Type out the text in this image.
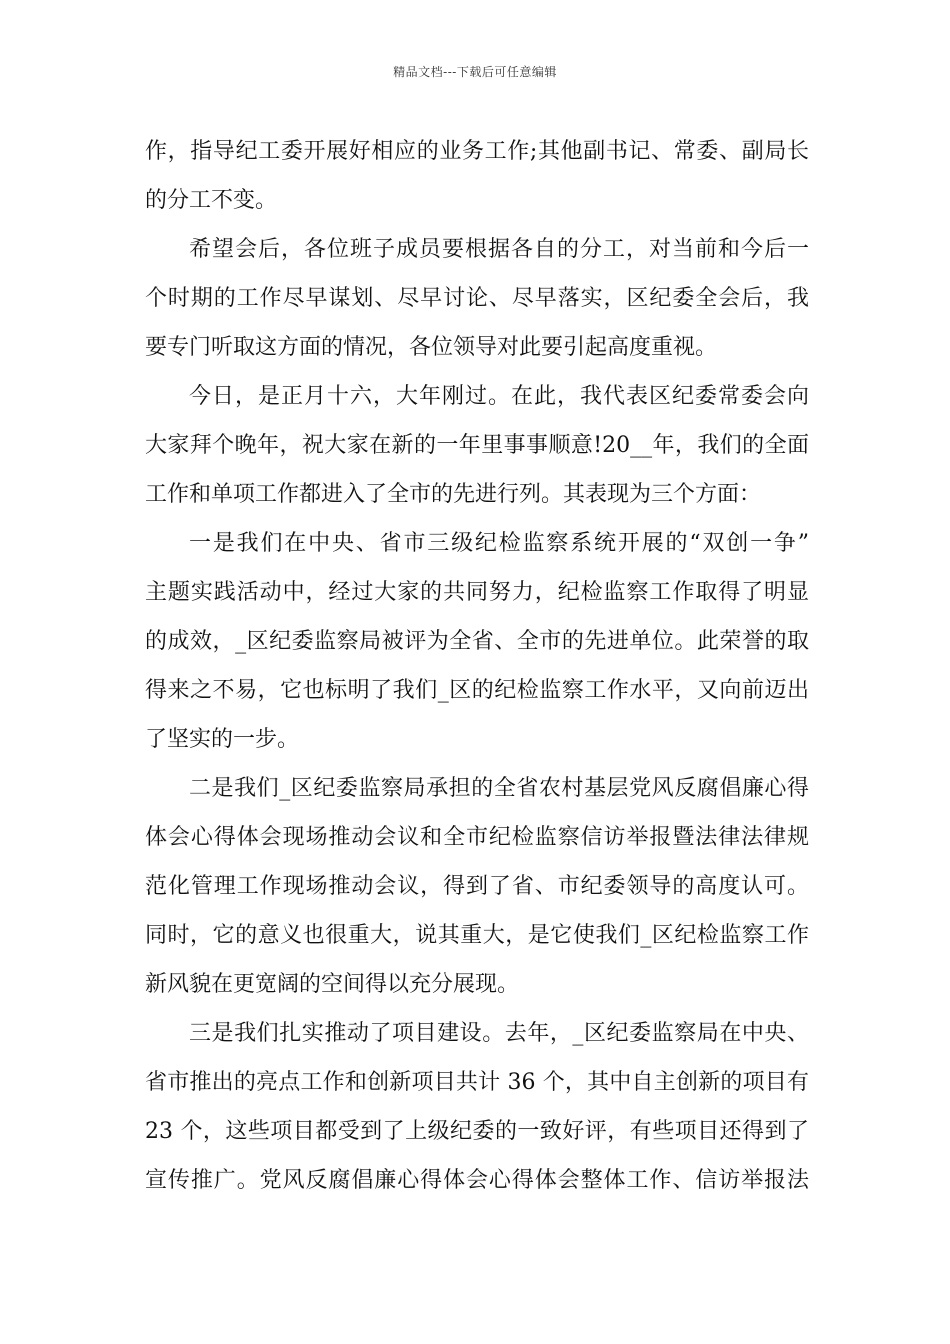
精品文档---下载后可任意编辑
作，指导纪工委开展好相应的业务工作;其他副书记、常委、副局长
的分工不变。
希望会后，各位班子成员要根据各自的分工，对当前和今后一
个时期的工作尽早谋划、尽早讨论、尽早落实，区纪委全会后，我
要专门听取这方面的情况，各位领导对此要引起高度重视。
今日，是正月十六，大年刚过。在此，我代表区纪委常委会向
大家拜个晚年，祝大家在新的一年里事事顺意!20__年，我们的全面
工作和单项工作都进入了全市的先进行列。其表现为三个方面：
一是我们在中央、省市三级纪检监察系统开展的“双创一争”
主题实践活动中，经过大家的共同努力，纪检监察工作取得了明显
的成效，_区纪委监察局被评为全省、全市的先进单位。此荣誉的取
得来之不易，它也标明了我们_区的纪检监察工作水平，又向前迈出
了坚实的一步。
二是我们_区纪委监察局承担的全省农村基层党风反腐倡廉心得
体会心得体会现场推动会议和全市纪检监察信访举报暨法律法律规
范化管理工作现场推动会议，得到了省、市纪委领导的高度认可。
同时，它的意义也很重大，说其重大，是它使我们_区纪检监察工作
新风貌在更宽阔的空间得以充分展现。
三是我们扎实推动了项目建设。去年，_区纪委监察局在中央、
省市推出的亮点工作和创新项目共计 36 个，其中自主创新的项目有
23 个，这些项目都受到了上级纪委的一致好评，有些项目还得到了
宣传推广。党风反腐倡廉心得体会心得体会整体工作、信访举报法
